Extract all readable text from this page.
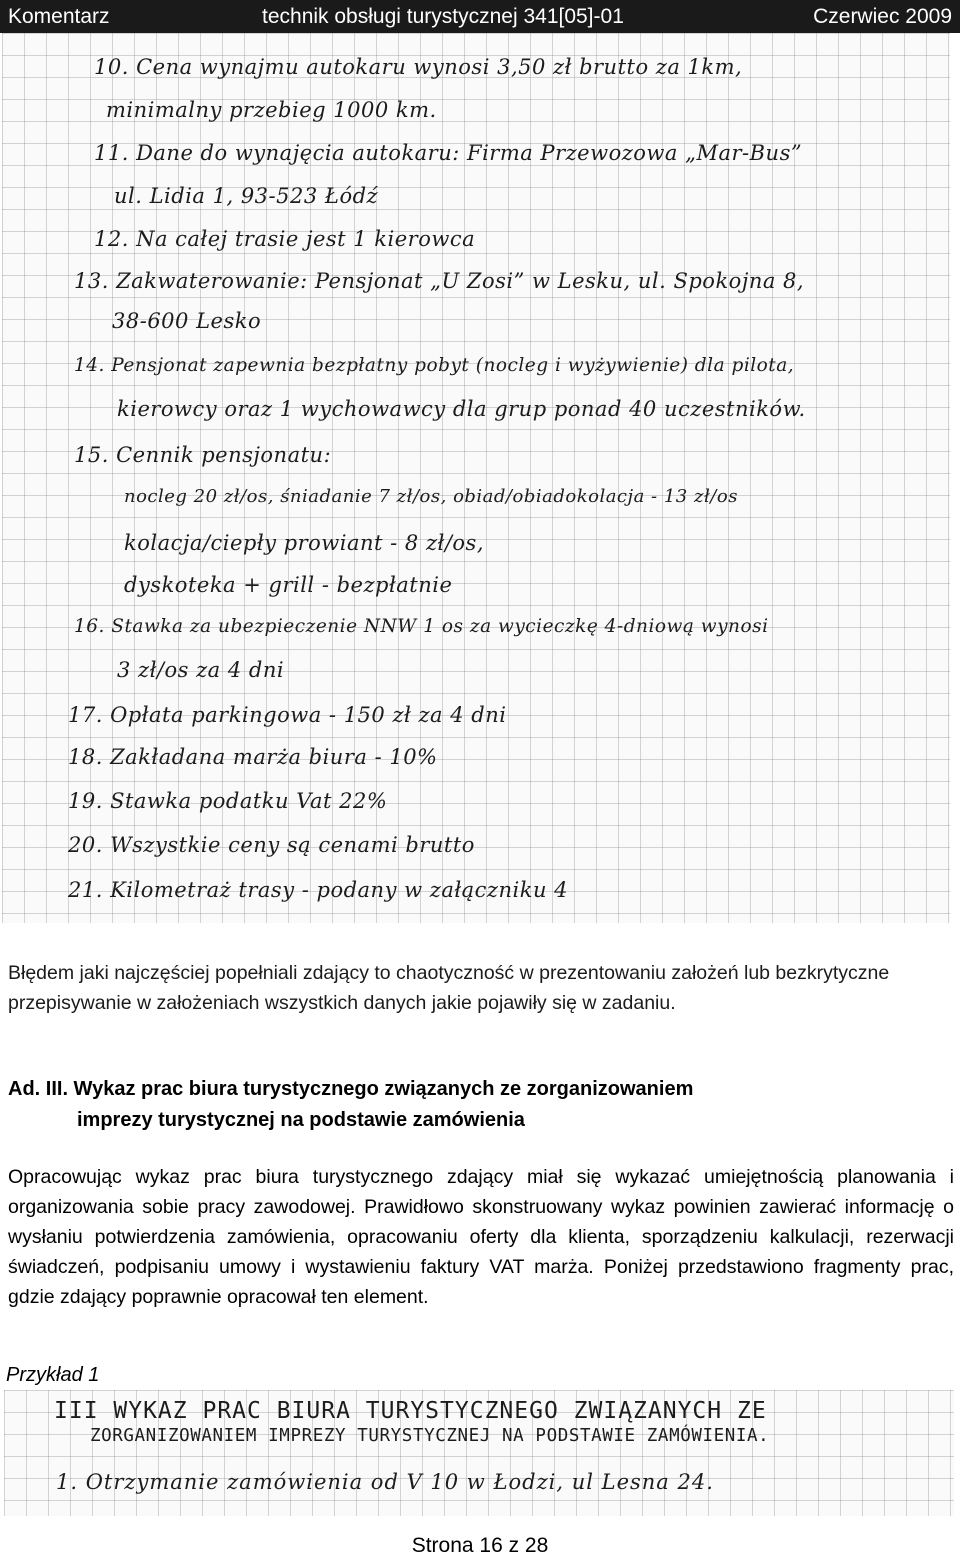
Komentarz	technik obsługi turystycznej 341[05]-01	Czerwiec 2009
10. Cena wynajmu autokaru wynosi 3,50 zł brutto za 1km,
minimalny przebieg 1000 km.
11. Dane do wynajęcia autokaru: Firma Przewozowa „Mar-Bus”
ul. Lidia 1, 93-523 Łódź
12. Na całej trasie jest 1 kierowca
13. Zakwaterowanie: Pensjonat „U Zosi” w Lesku, ul. Spokojna 8,
38-600 Lesko
14. Pensjonat zapewnia bezpłatny pobyt (nocleg i wyżywienie) dla pilota,
kierowcy oraz 1 wychowawcy dla grup ponad 40 uczestników.
15. Cennik pensjonatu:
nocleg 20 zł/os, śniadanie 7 zł/os, obiad/obiadokolacja - 13 zł/os
kolacja/ciepły prowiant - 8 zł/os,
dyskoteka + grill - bezpłatnie
16. Stawka za ubezpieczenie NNW 1 os za wycieczkę 4-dniową wynosi
3 zł/os za 4 dni
17. Opłata parkingowa - 150 zł za 4 dni
18. Zakładana marża biura - 10%
19. Stawka podatku Vat 22%
20. Wszystkie ceny są cenami brutto
21. Kilometraż trasy - podany w załączniku 4
Błędem jaki najczęściej popełniali zdający to chaotyczność w prezentowaniu założeń lub bezkrytyczne przepisywanie w założeniach wszystkich danych jakie pojawiły się w zadaniu.
Ad. III. Wykaz prac biura turystycznego związanych ze zorganizowaniem
imprezy turystycznej na podstawie zamówienia
Opracowując wykaz prac biura turystycznego zdający miał się wykazać umiejętnością planowania i organizowania sobie pracy zawodowej. Prawidłowo skonstruowany wykaz powinien zawierać informację o wysłaniu potwierdzenia zamówienia, opracowaniu oferty dla klienta, sporządzeniu kalkulacji, rezerwacji świadczeń, podpisaniu umowy i wystawieniu faktury VAT marża. Poniżej przedstawiono fragmenty prac, gdzie zdający poprawnie opracował ten element.
Przykład 1
III WYKAZ PRAC BIURA TURYSTYCZNEGO ZWIĄZANYCH ZE
ZORGANIZOWANIEM IMPREZY TURYSTYCZNEJ NA PODSTAWIE ZAMÓWIENIA.
1. Otrzymanie zamówienia od V 10 w Łodzi, ul Lesna 24.
Strona 16 z 28
